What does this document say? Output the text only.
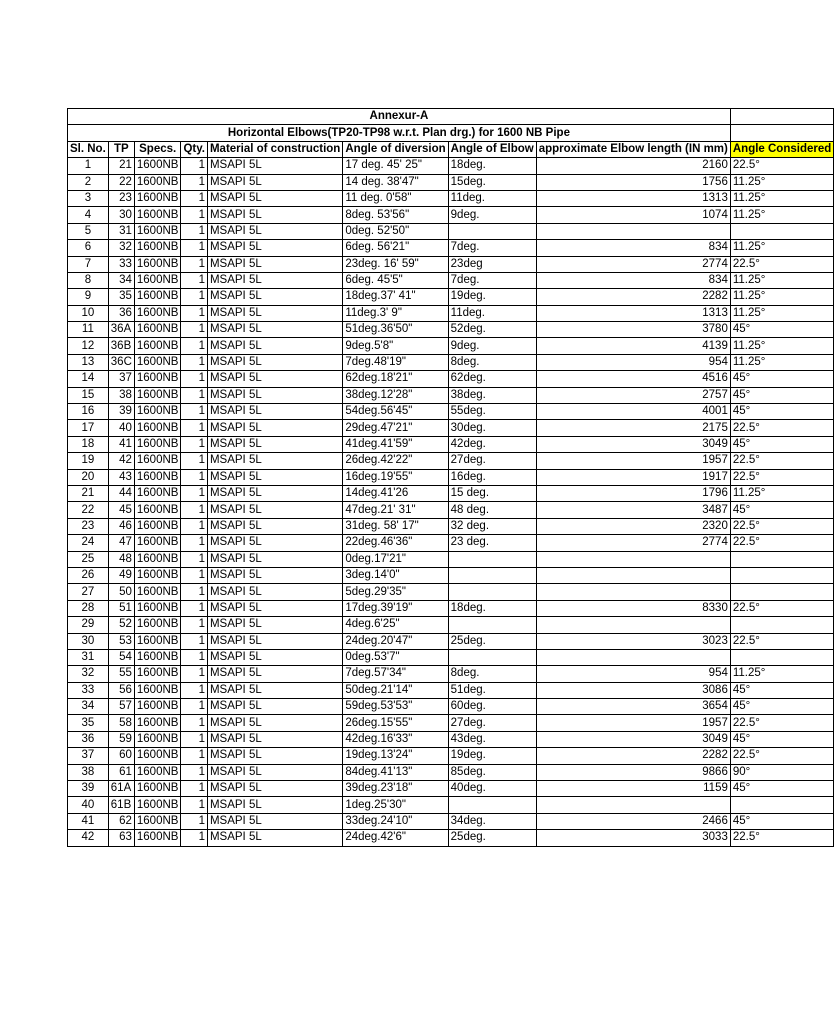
Annexur-A								
Horizontal Elbows(TP20-TP98 w.r.t. Plan drg.) for 1600 NB Pipe								
Sl. No.	TP	Specs.	Qty.	Material of construction	Angle of diversion	Angle of Elbow	approximate Elbow length (IN mm)	Angle Considered
1	21	1600NB	1	MSAPI 5L	17 deg. 45' 25"	18deg.	2160	22.5°
2	22	1600NB	1	MSAPI 5L	14 deg. 38'47"	15deg.	1756	11.25°
3	23	1600NB	1	MSAPI 5L	11 deg. 0'58"	11deg.	1313	11.25°
4	30	1600NB	1	MSAPI 5L	8deg. 53'56"	9deg.	1074	11.25°
5	31	1600NB	1	MSAPI 5L	0deg. 52'50"			
6	32	1600NB	1	MSAPI 5L	6deg. 56'21"	7deg.	834	11.25°
7	33	1600NB	1	MSAPI 5L	23deg. 16' 59"	23deg	2774	22.5°
8	34	1600NB	1	MSAPI 5L	6deg. 45'5"	7deg.	834	11.25°
9	35	1600NB	1	MSAPI 5L	18deg.37' 41"	19deg.	2282	11.25°
10	36	1600NB	1	MSAPI 5L	11deg.3' 9"	11deg.	1313	11.25°
11	36A	1600NB	1	MSAPI 5L	51deg.36'50"	52deg.	3780	45°
12	36B	1600NB	1	MSAPI 5L	9deg.5'8"	9deg.	4139	11.25°
13	36C	1600NB	1	MSAPI 5L	7deg.48'19"	8deg.	954	11.25°
14	37	1600NB	1	MSAPI 5L	62deg.18'21"	62deg.	4516	45°
15	38	1600NB	1	MSAPI 5L	38deg.12'28"	38deg.	2757	45°
16	39	1600NB	1	MSAPI 5L	54deg.56'45"	55deg.	4001	45°
17	40	1600NB	1	MSAPI 5L	29deg.47'21"	30deg.	2175	22.5°
18	41	1600NB	1	MSAPI 5L	41deg.41'59"	42deg.	3049	45°
19	42	1600NB	1	MSAPI 5L	26deg.42'22"	27deg.	1957	22.5°
20	43	1600NB	1	MSAPI 5L	16deg.19'55"	16deg.	1917	22.5°
21	44	1600NB	1	MSAPI 5L	14deg.41'26	15 deg.	1796	11.25°
22	45	1600NB	1	MSAPI 5L	47deg.21' 31"	48 deg.	3487	45°
23	46	1600NB	1	MSAPI 5L	31deg. 58' 17"	32 deg.	2320	22.5°
24	47	1600NB	1	MSAPI 5L	22deg.46'36"	23 deg.	2774	22.5°
25	48	1600NB	1	MSAPI 5L	0deg.17'21"			
26	49	1600NB	1	MSAPI 5L	3deg.14'0"			
27	50	1600NB	1	MSAPI 5L	5deg.29'35"			
28	51	1600NB	1	MSAPI 5L	17deg.39'19"	18deg.	8330	22.5°
29	52	1600NB	1	MSAPI 5L	4deg.6'25"			
30	53	1600NB	1	MSAPI 5L	24deg.20'47"	25deg.	3023	22.5°
31	54	1600NB	1	MSAPI 5L	0deg.53'7"			
32	55	1600NB	1	MSAPI 5L	7deg.57'34"	8deg.	954	11.25°
33	56	1600NB	1	MSAPI 5L	50deg.21'14"	51deg.	3086	45°
34	57	1600NB	1	MSAPI 5L	59deg.53'53"	60deg.	3654	45°
35	58	1600NB	1	MSAPI 5L	26deg.15'55"	27deg.	1957	22.5°
36	59	1600NB	1	MSAPI 5L	42deg.16'33"	43deg.	3049	45°
37	60	1600NB	1	MSAPI 5L	19deg.13'24"	19deg.	2282	22.5°
38	61	1600NB	1	MSAPI 5L	84deg.41'13"	85deg.	9866	90°
39	61A	1600NB	1	MSAPI 5L	39deg.23'18"	40deg.	1159	45°
40	61B	1600NB	1	MSAPI 5L	1deg.25'30"			
41	62	1600NB	1	MSAPI 5L	33deg.24'10"	34deg.	2466	45°
42	63	1600NB	1	MSAPI 5L	24deg.42'6"	25deg.	3033	22.5°
